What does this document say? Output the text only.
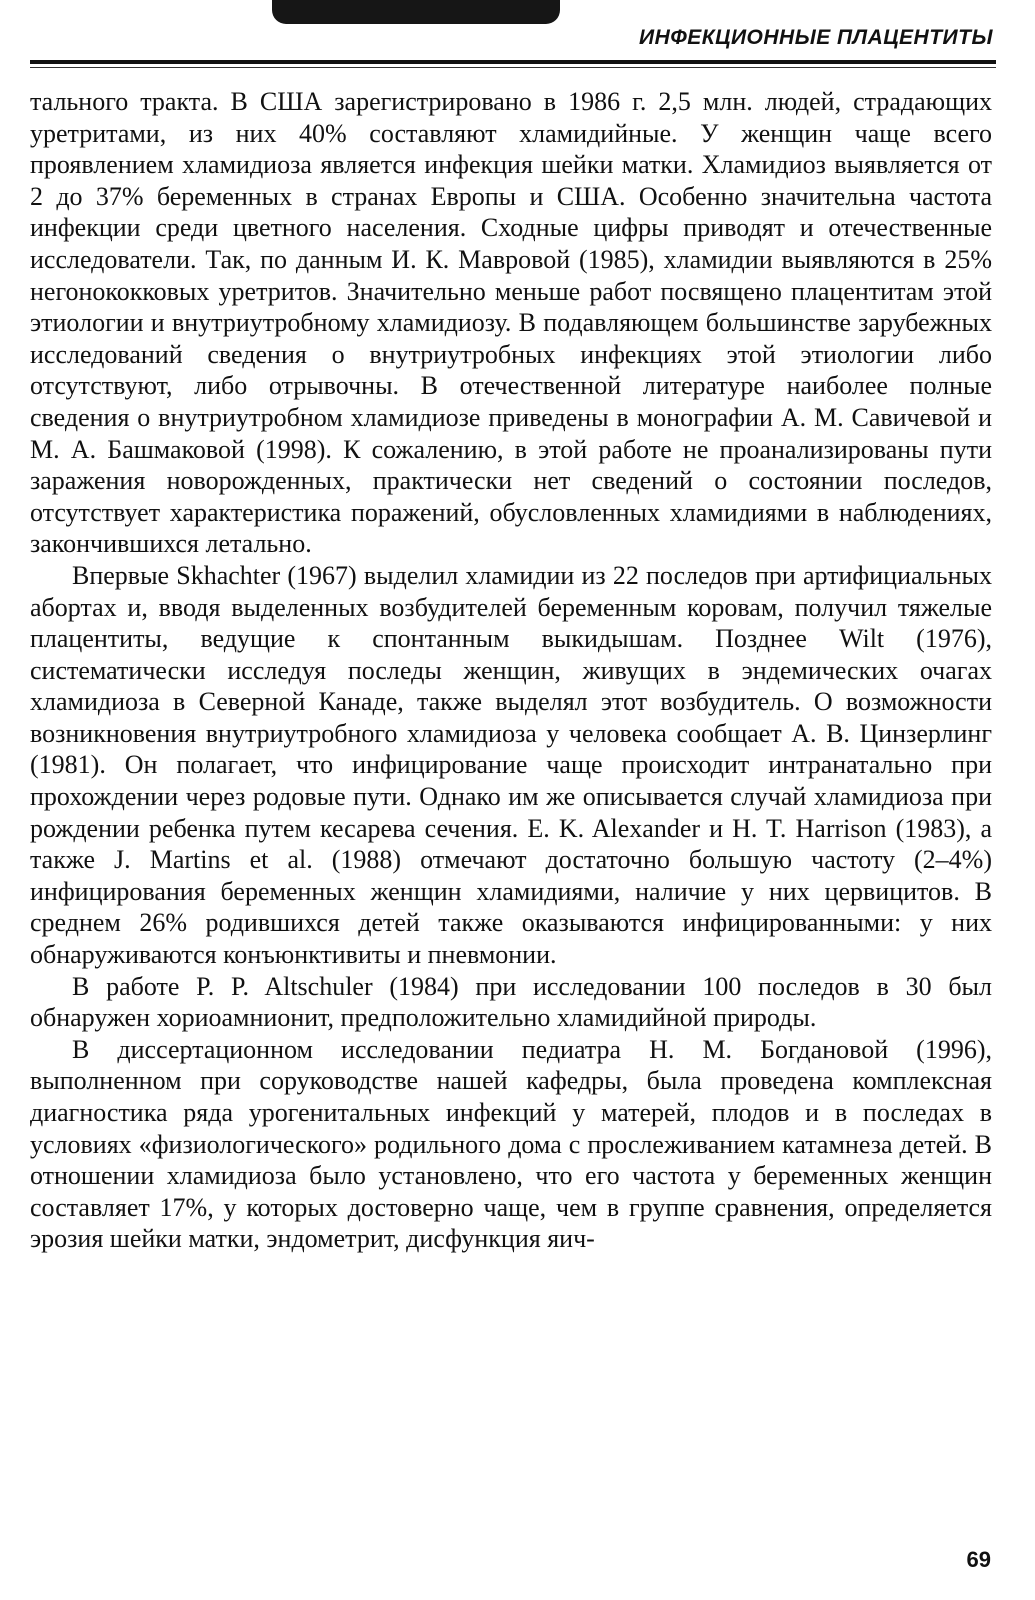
ИНФЕКЦИОННЫЕ ПЛАЦЕНТИТЫ

тального тракта. В США зарегистрировано в 1986 г. 2,5 млн. людей, страдающих уретритами, из них 40% составляют хламидийные. У женщин чаще всего проявлением хламидиоза является инфекция шейки матки. Хламидиоз выявляется от 2 до 37% беременных в странах Европы и США. Особенно значительна частота инфекции среди цветного населения. Сходные цифры приводят и отечественные исследователи. Так, по данным И. К. Мавровой (1985), хламидии выявляются в 25% негонококковых уретритов. Значительно меньше работ посвящено плацентитам этой этиологии и внутриутробному хламидиозу. В подавляющем большинстве зарубежных исследований сведения о внутриутробных инфекциях этой этиологии либо отсутствуют, либо отрывочны. В отечественной литературе наиболее полные сведения о внутриутробном хламидиозе приведены в монографии А. М. Савичевой и М. А. Башмаковой (1998). К сожалению, в этой работе не проанализированы пути заражения новорожденных, практически нет сведений о состоянии последов, отсутствует характеристика поражений, обусловленных хламидиями в наблюдениях, закончившихся летально.

Впервые Skhachter (1967) выделил хламидии из 22 последов при артифициальных абортах и, вводя выделенных возбудителей беременным коровам, получил тяжелые плацентиты, ведущие к спонтанным выкидышам. Позднее Wilt (1976), систематически исследуя последы женщин, живущих в эндемических очагах хламидиоза в Северной Канаде, также выделял этот возбудитель. О возможности возникновения внутриутробного хламидиоза у человека сообщает А. В. Цинзерлинг (1981). Он полагает, что инфицирование чаще происходит интранатально при прохождении через родовые пути. Однако им же описывается случай хламидиоза при рождении ребенка путем кесарева сечения. E. K. Alexander и H. T. Harrison (1983), а также J. Martins et al. (1988) отмечают достаточно большую частоту (2–4%) инфицирования беременных женщин хламидиями, наличие у них цервицитов. В среднем 26% родившихся детей также оказываются инфицированными: у них обнаруживаются конъюнктивиты и пневмонии.

В работе P. P. Altschuler (1984) при исследовании 100 последов в 30 был обнаружен хориоамнионит, предположительно хламидийной природы.

В диссертационном исследовании педиатра Н. М. Богдановой (1996), выполненном при соруководстве нашей кафедры, была проведена комплексная диагностика ряда урогенитальных инфекций у матерей, плодов и в последах в условиях «физиологического» родильного дома с прослеживанием катамнеза детей. В отношении хламидиоза было установлено, что его частота у беременных женщин составляет 17%, у которых достоверно чаще, чем в группе сравнения, определяется эрозия шейки матки, эндометрит, дисфункция яич-

69
